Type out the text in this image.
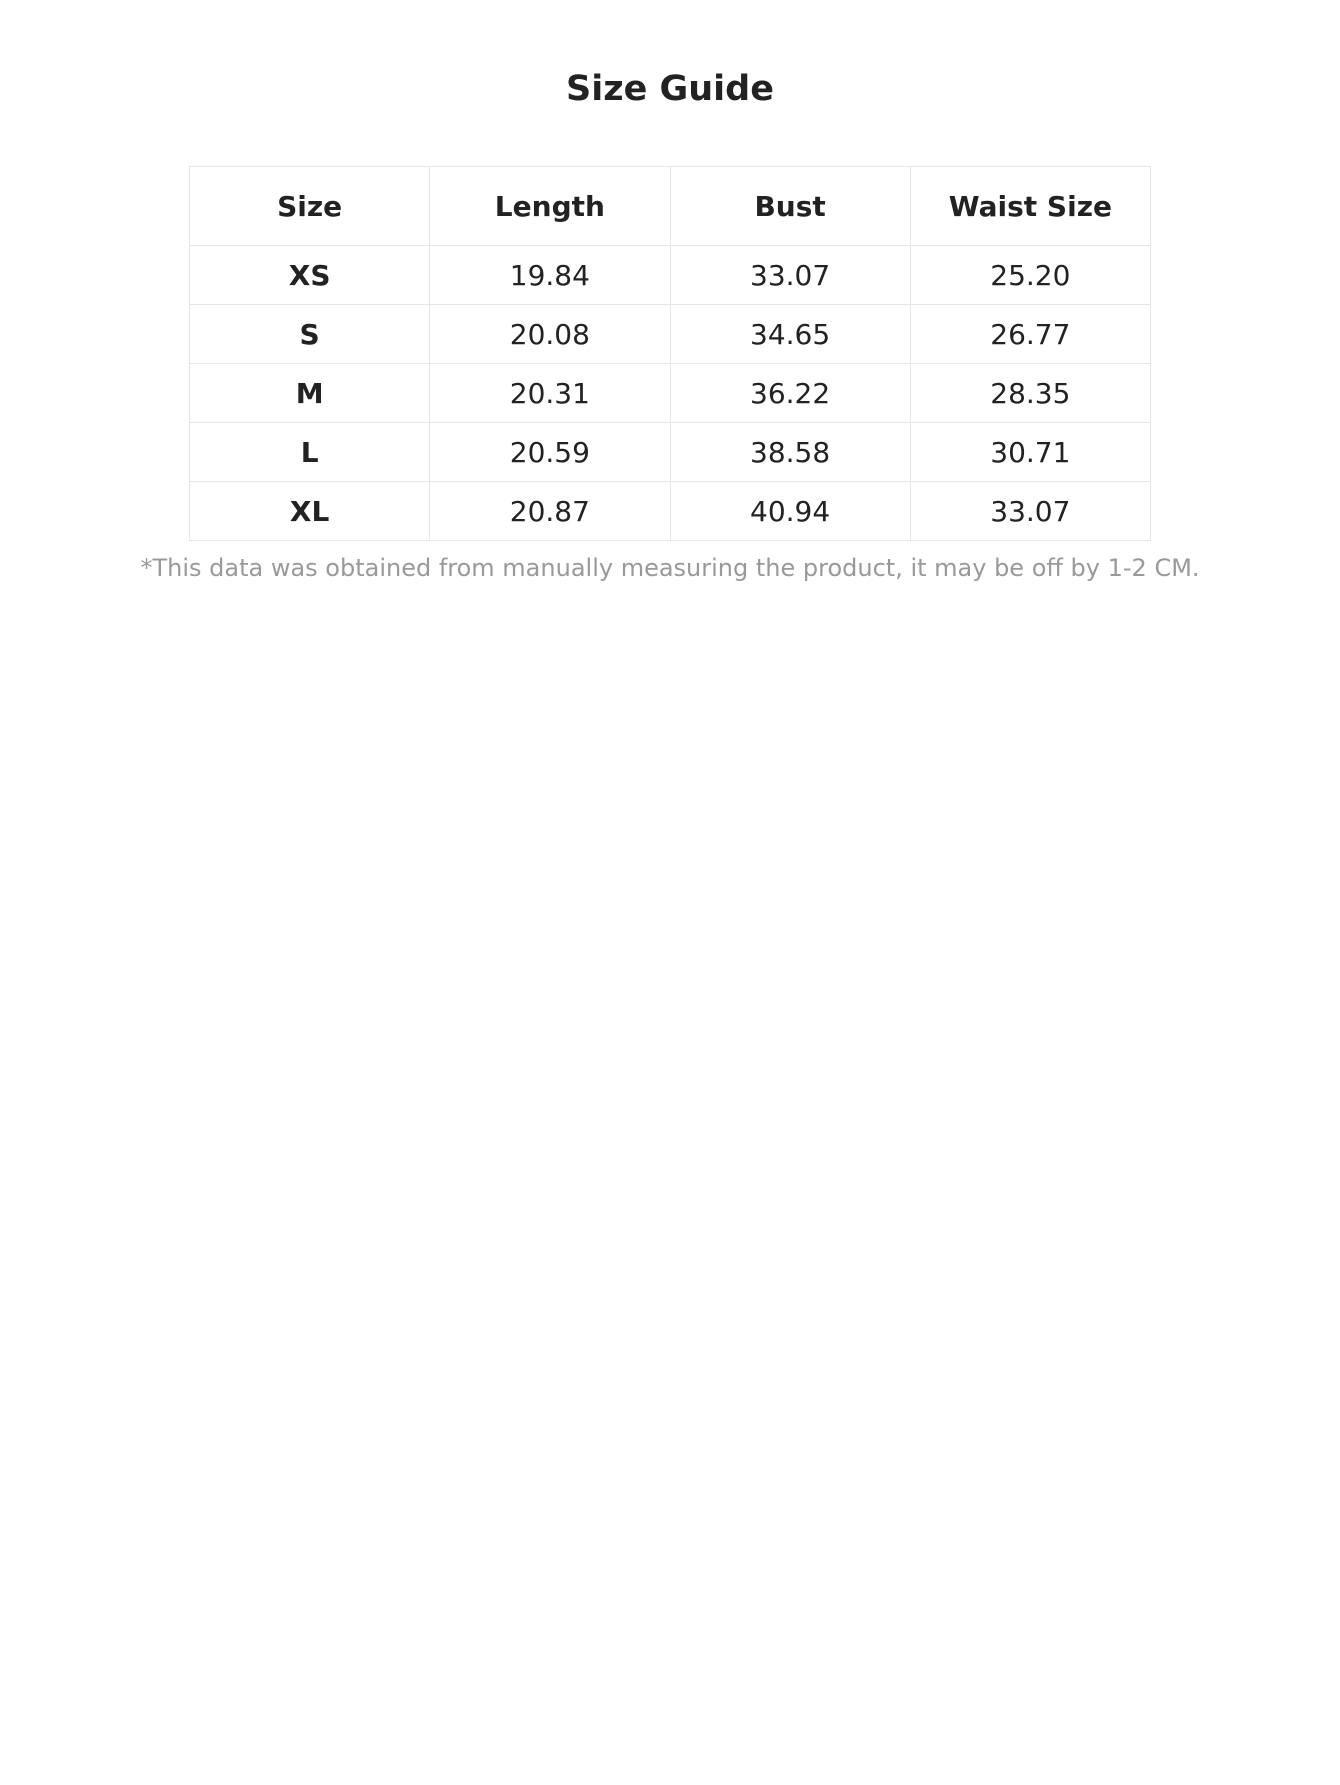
Size Guide
Size	Length	Bust	Waist Size
XS	19.84	33.07	25.20
S	20.08	34.65	26.77
M	20.31	36.22	28.35
L	20.59	38.58	30.71
XL	20.87	40.94	33.07

*This data was obtained from manually measuring the product, it may be off by 1-2 CM.
